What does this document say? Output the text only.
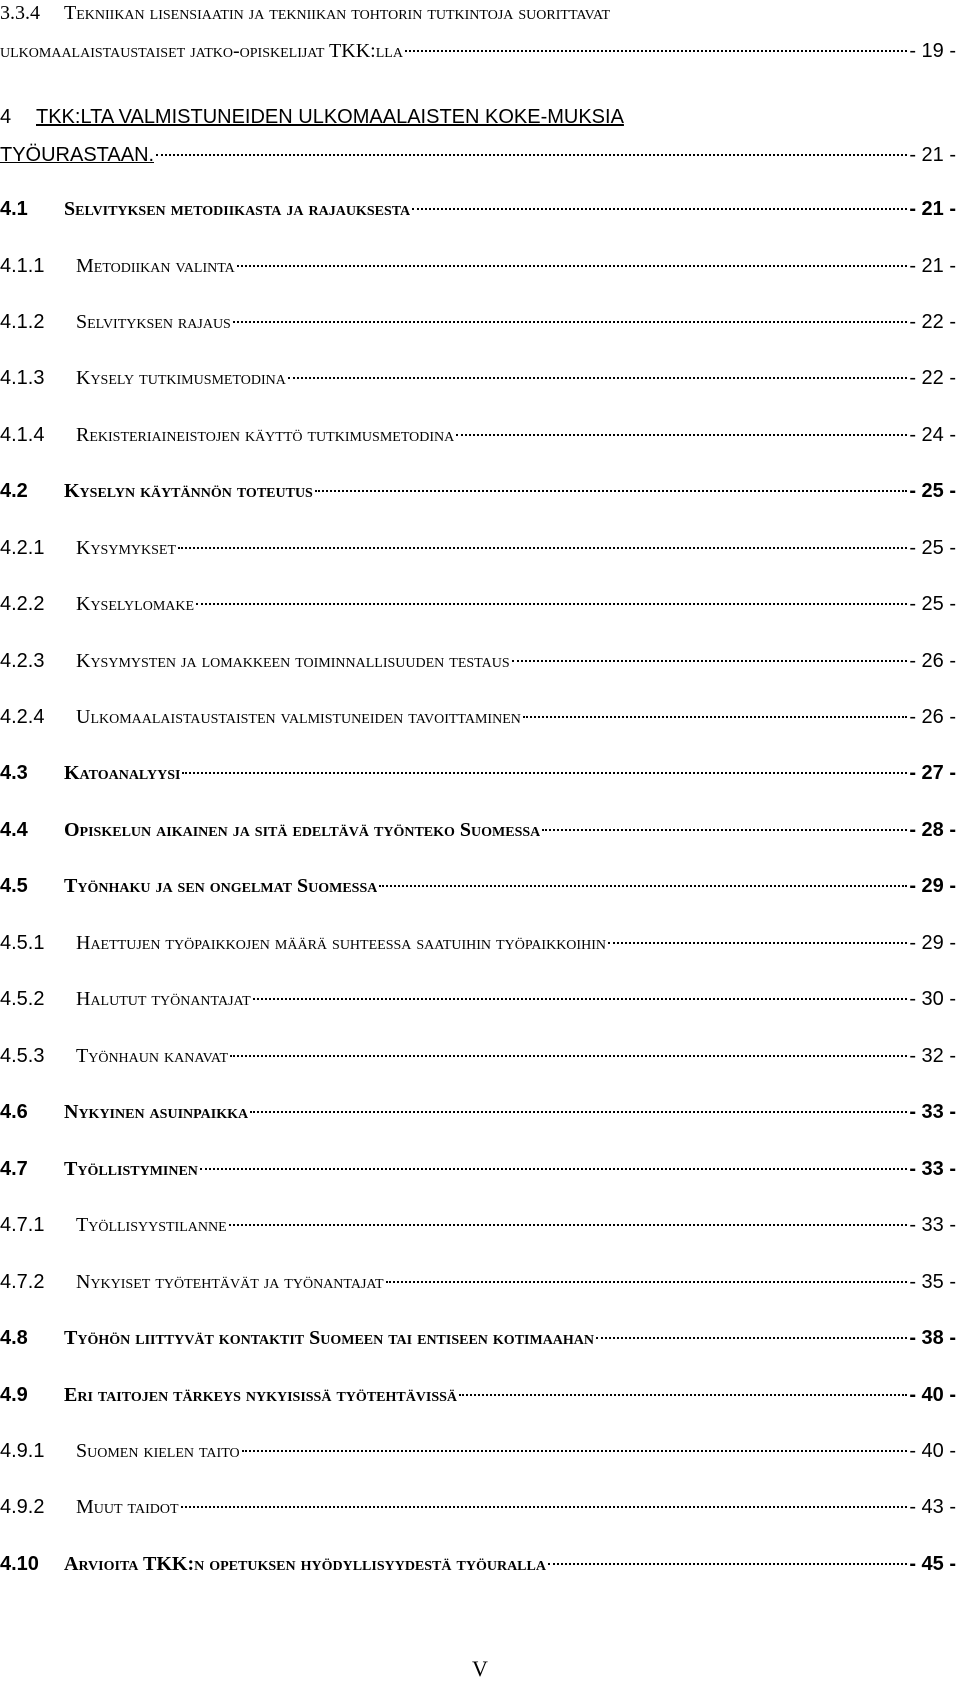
3.3.4	Tekniikan lisensiaatin ja tekniikan tohtorin tutkintoja suorittavat
ulkomaalaistaustaiset jatko-opiskelijat TKK:lla	- 19 -
4	TKK:LTA VALMISTUNEIDEN ULKOMAALAISTEN KOKE-MUKSIA
TYÖURASTAAN.	- 21 -
4.1	Selvityksen metodiikasta ja rajauksesta	- 21 -
4.1.1	Metodiikan valinta	- 21 -
4.1.2	Selvityksen rajaus	- 22 -
4.1.3	Kysely tutkimusmetodina	- 22 -
4.1.4	Rekisteriaineistojen käyttö tutkimusmetodina	- 24 -
4.2	Kyselyn käytännön toteutus	- 25 -
4.2.1	Kysymykset	- 25 -
4.2.2	Kyselylomake	- 25 -
4.2.3	Kysymysten ja lomakkeen toiminnallisuuden testaus	- 26 -
4.2.4	Ulkomaalaistaustaisten valmistuneiden tavoittaminen	- 26 -
4.3	Katoanalyysi	- 27 -
4.4	Opiskelun aikainen ja sitä edeltävä työnteko Suomessa	- 28 -
4.5	Työnhaku ja sen ongelmat Suomessa	- 29 -
4.5.1	Haettujen työpaikkojen määrä suhteessa saatuihin työpaikkoihin	- 29 -
4.5.2	Halutut työnantajat	- 30 -
4.5.3	Työnhaun kanavat	- 32 -
4.6	Nykyinen asuinpaikka	- 33 -
4.7	Työllistyminen	- 33 -
4.7.1	Työllisyystilanne	- 33 -
4.7.2	Nykyiset työtehtävät ja työnantajat	- 35 -
4.8	Työhön liittyvät kontaktit Suomeen tai entiseen kotimaahan	- 38 -
4.9	Eri taitojen tärkeys nykyisissä työtehtävissä	- 40 -
4.9.1	Suomen kielen taito	- 40 -
4.9.2	Muut taidot	- 43 -
4.10	Arvioita TKK:n opetuksen hyödyllisyydestä työuralla	- 45 -
V
